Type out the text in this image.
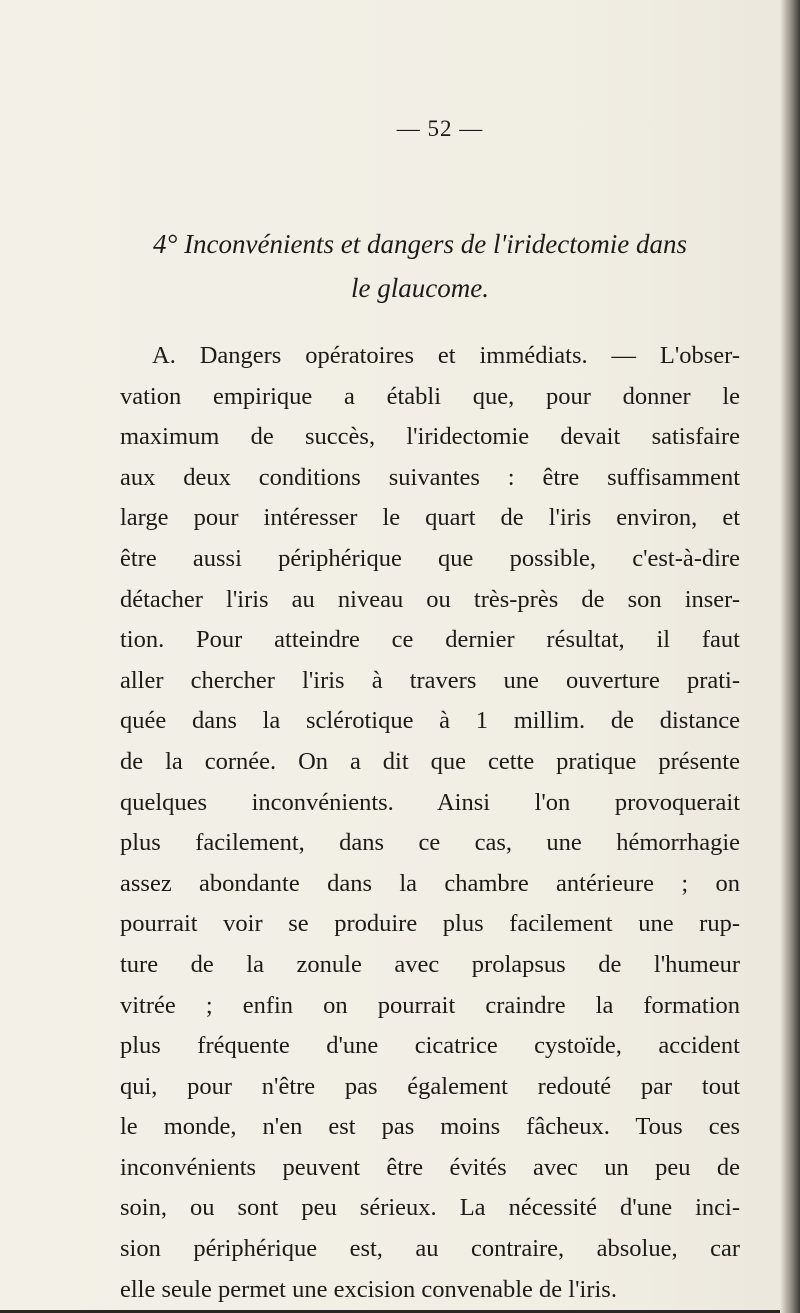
— 52 —
4° Inconvénients et dangers de l'iridectomie dans
le glaucome.
A. Dangers opératoires et immédiats. — L'obser-
vation empirique a établi que, pour donner le
maximum de succès, l'iridectomie devait satisfaire
aux deux conditions suivantes : être suffisamment
large pour intéresser le quart de l'iris environ, et
être aussi périphérique que possible, c'est-à-dire
détacher l'iris au niveau ou très-près de son inser-
tion. Pour atteindre ce dernier résultat, il faut
aller chercher l'iris à travers une ouverture prati-
quée dans la sclérotique à 1 millim. de distance
de la cornée. On a dit que cette pratique présente
quelques inconvénients. Ainsi l'on provoquerait
plus facilement, dans ce cas, une hémorrhagie
assez abondante dans la chambre antérieure ; on
pourrait voir se produire plus facilement une rup-
ture de la zonule avec prolapsus de l'humeur
vitrée ; enfin on pourrait craindre la formation
plus fréquente d'une cicatrice cystoïde, accident
qui, pour n'être pas également redouté par tout
le monde, n'en est pas moins fâcheux. Tous ces
inconvénients peuvent être évités avec un peu de
soin, ou sont peu sérieux. La nécessité d'une inci-
sion périphérique est, au contraire, absolue, car
elle seule permet une excision convenable de l'iris.
